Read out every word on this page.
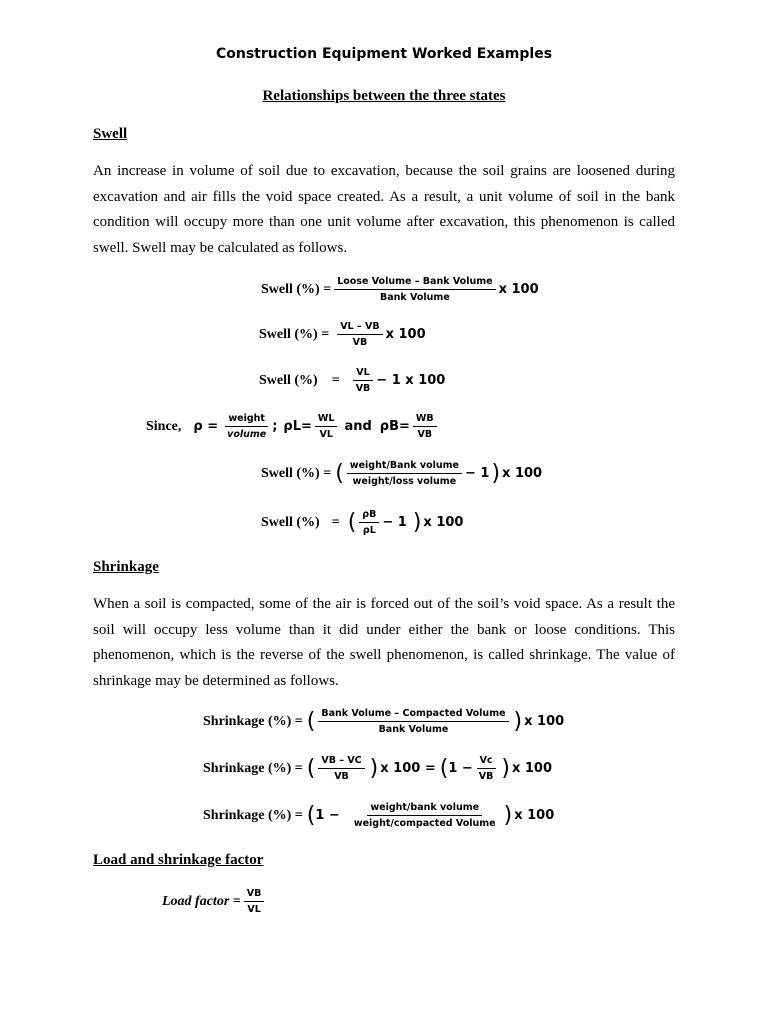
Construction Equipment Worked Examples
Relationships between the three states
Swell
An increase in volume of soil due to excavation, because the soil grains are loosened during excavation and air fills the void space created. As a result, a unit volume of soil in the bank condition will occupy more than one unit volume after excavation, this phenomenon is called swell. Swell may be calculated as follows.
Swell (%) = $\frac{\text{Loose Volume – Bank Volume}}{\text{Bank Volume}}$ x 100
Swell (%) = $\frac{VL - VB}{VB}$ x 100
Swell (%) = $\frac{VL}{VB} - 1$ x 100
Since, $\rho = \frac{\text{weight}}{\text{volume}}$ ; $\rho L= \frac{WL}{VL}$ and $\rho B= \frac{WB}{VB}$
Swell (%) = ( $\frac{\text{weight/Bank volume}}{\text{weight/loss volume}} - 1$ ) x 100
Swell (%) = ( $\frac{\rho B}{\rho L} - 1$ ) x 100
Shrinkage
When a soil is compacted, some of the air is forced out of the soil’s void space. As a result the soil will occupy less volume than it did under either the bank or loose conditions. This phenomenon, which is the reverse of the swell phenomenon, is called shrinkage. The value of shrinkage may be determined as follows.
Shrinkage (%) = ( $\frac{\text{Bank Volume – Compacted Volume}}{\text{Bank Volume}}$ ) x 100
Shrinkage (%) = ( $\frac{VB - VC}{VB}$ ) x 100 = ( $1 - \frac{Vc}{VB}$ ) x 100
Shrinkage (%) = ( $1 - \frac{\text{weight/bank volume}}{\text{weight/compacted Volume}}$ ) x 100
Load and shrinkage factor
Load factor = $\frac{VB}{VL}$
